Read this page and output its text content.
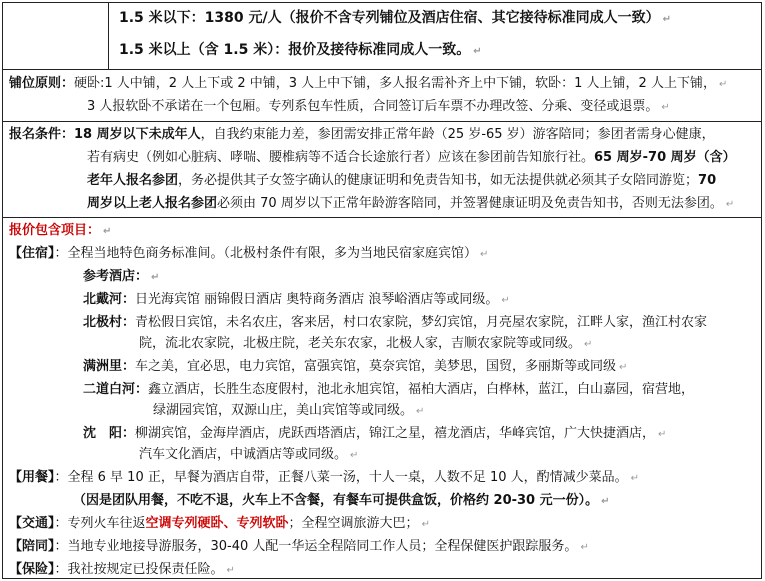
1.5 米以下：1380 元/人（报价不含专列铺位及酒店住宿、其它接待标准同成人一致） ↵
1.5 米以上（含 1.5 米）：报价及接待标准同成人一致。 ↵
铺位原则：硬卧:1 人中铺，2 人上下或 2 中铺，3 人上中下铺，多人报名需补齐上中下铺，软卧：1 人上铺，2 人上下铺， ↵
3 人报软卧不承诺在一个包厢。专列系包车性质，合同签订后车票不办理改签、分乘、变径或退票。 ↵
报名条件：18 周岁以下未成年人，自我约束能力差，参团需安排正常年龄（25 岁-65 岁）游客陪同；参团者需身心健康，
若有病史（例如心脏病、哮喘、腰椎病等不适合长途旅行者）应该在参团前告知旅行社。65 周岁-70 周岁（含）
老年人报名参团，务必提供其子女签字确认的健康证明和免责告知书，如无法提供就必须其子女陪同游览；70
周岁以上老人报名参团必须由 70 周岁以下正常年龄游客陪同，并签署健康证明及免责告知书，否则无法参团。 ↵
报价包含项目： ↵
【住宿】：全程当地特色商务标准间。（北极村条件有限，多为当地民宿家庭宾馆） ↵
参考酒店： ↵
北戴河：日光海宾馆 丽锦假日酒店 奥特商务酒店 浪琴峪酒店等或同级。 ↵
北极村：青松假日宾馆，未名农庄，客来居，村口农家院，梦幻宾馆，月亮屋农家院，江畔人家，渔江村农家
院，流北农家院，北极庄院，老关东农家，北极人家，吉顺农家院等或同级。 ↵
满洲里：车之美，宜必思，电力宾馆，富强宾馆，莫奈宾馆，美梦思，国贸，多丽斯等或同级 ↵
二道白河：鑫立酒店，长胜生态度假村，池北永旭宾馆，福柏大酒店，白桦林，蓝江，白山嘉园，宿营地，
绿湖园宾馆，双源山庄，美山宾馆等或同级。 ↵
沈　阳：柳湖宾馆，金海岸酒店，虎跃西塔酒店，锦江之星，禧龙酒店，华峰宾馆，广大快捷酒店， ↵
汽车文化酒店，中诚酒店等或同级。 ↵
【用餐】：全程 6 早 10 正，早餐为酒店自带，正餐八菜一汤，十人一桌，人数不足 10 人，酌情减少菜品。 ↵
（因是团队用餐，不吃不退，火车上不含餐，有餐车可提供盒饭，价格约 20-30 元一份）。 ↵
【交通】：专列火车往返空调专列硬卧、专列软卧；全程空调旅游大巴； ↵
【陪同】：当地专业地接导游服务，30-40 人配一华运全程陪同工作人员；全程保健医护跟踪服务。 ↵
【保险】：我社按规定已投保责任险。 ↵
